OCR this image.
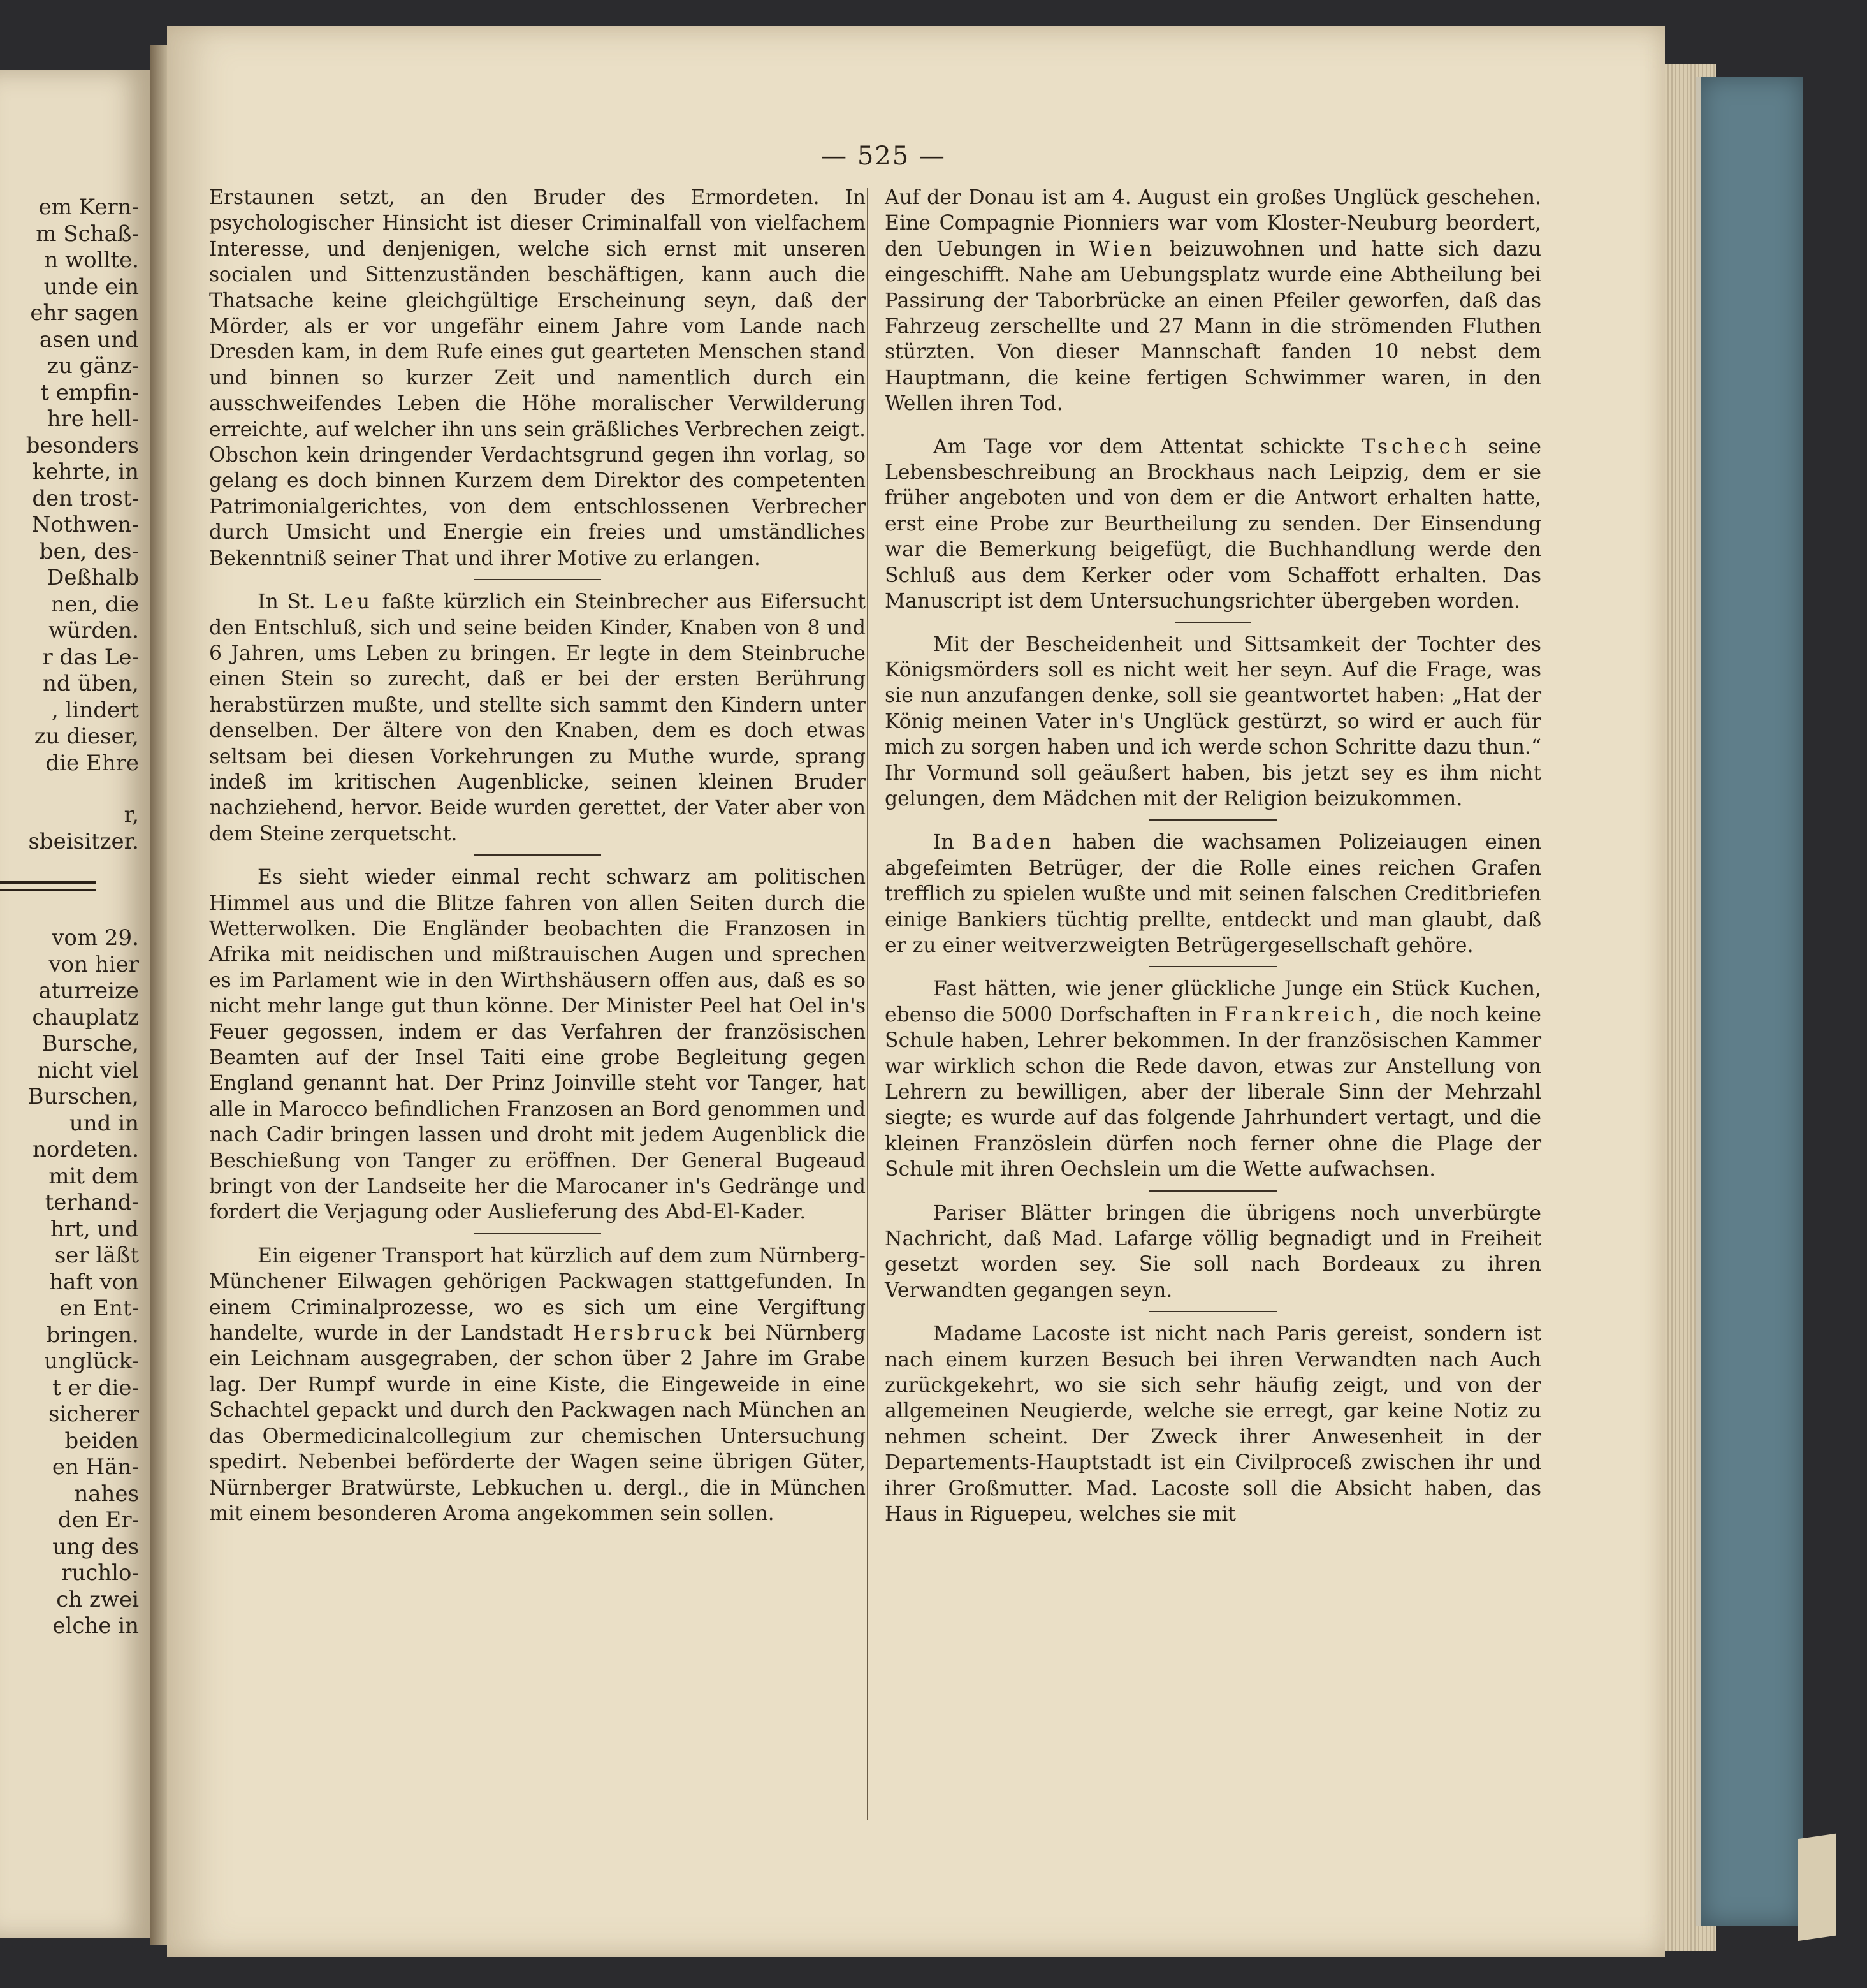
em Kern-
m Schaß-
n wollte.
unde ein
ehr sagen
asen und
zu gänz-
t empfin-
hre hell-
besonders
kehrte, in
den trost-
Nothwen-
ben, des-
Deßhalb
nen, die
würden.
r das Le-
nd üben,
, lindert
zu dieser,
die Ehre
r,
sbeisitzer.
vom 29.
von hier
aturreize
chauplatz
Bursche,
nicht viel
Burschen,
und in
nordeten.
mit dem
terhand-
hrt, und
ser läßt
haft von
en Ent-
bringen.
unglück-
t er die-
sicherer
beiden
en Hän-
nahes
den Er-
ung des
ruchlo-
ch zwei
elche in
— 525 —

Erstaunen setzt, an den Bruder des Ermordeten. In psychologischer Hinsicht ist dieser Criminalfall von vielfachem Interesse, und denjenigen, welche sich ernst mit unseren socialen und Sittenzuständen beschäftigen, kann auch die Thatsache keine gleichgültige Erscheinung seyn, daß der Mörder, als er vor ungefähr einem Jahre vom Lande nach Dresden kam, in dem Rufe eines gut gearteten Menschen stand und binnen so kurzer Zeit und namentlich durch ein ausschweifendes Leben die Höhe moralischer Verwilderung erreichte, auf welcher ihn uns sein gräßliches Verbrechen zeigt. Obschon kein dringender Verdachtsgrund gegen ihn vorlag, so gelang es doch binnen Kurzem dem Direktor des competenten Patrimonialgerichtes, von dem entschlossenen Verbrecher durch Umsicht und Energie ein freies und umständliches Bekenntniß seiner That und ihrer Motive zu erlangen.

In St. Leu faßte kürzlich ein Steinbrecher aus Eifersucht den Entschluß, sich und seine beiden Kinder, Knaben von 8 und 6 Jahren, ums Leben zu bringen. Er legte in dem Steinbruche einen Stein so zurecht, daß er bei der ersten Berührung herabstürzen mußte, und stellte sich sammt den Kindern unter denselben. Der ältere von den Knaben, dem es doch etwas seltsam bei diesen Vorkehrungen zu Muthe wurde, sprang indeß im kritischen Augenblicke, seinen kleinen Bruder nachziehend, hervor. Beide wurden gerettet, der Vater aber von dem Steine zerquetscht.

Es sieht wieder einmal recht schwarz am politischen Himmel aus und die Blitze fahren von allen Seiten durch die Wetterwolken. Die Engländer beobachten die Franzosen in Afrika mit neidischen und mißtrauischen Augen und sprechen es im Parlament wie in den Wirthshäusern offen aus, daß es so nicht mehr lange gut thun könne. Der Minister Peel hat Oel in's Feuer gegossen, indem er das Verfahren der französischen Beamten auf der Insel Taiti eine grobe Begleitung gegen England genannt hat. Der Prinz Joinville steht vor Tanger, hat alle in Marocco befindlichen Franzosen an Bord genommen und nach Cadir bringen lassen und droht mit jedem Augenblick die Beschießung von Tanger zu eröffnen. Der General Bugeaud bringt von der Landseite her die Marocaner in's Gedränge und fordert die Verjagung oder Auslieferung des Abd-El-Kader.

Ein eigener Transport hat kürzlich auf dem zum Nürnberg-Münchener Eilwagen gehörigen Packwagen stattgefunden. In einem Criminalprozesse, wo es sich um eine Vergiftung handelte, wurde in der Landstadt Hersbruck bei Nürnberg ein Leichnam ausgegraben, der schon über 2 Jahre im Grabe lag. Der Rumpf wurde in eine Kiste, die Eingeweide in eine Schachtel gepackt und durch den Packwagen nach München an das Obermedicinalcollegium zur chemischen Untersuchung spedirt. Nebenbei beförderte der Wagen seine übrigen Güter, Nürnberger Bratwürste, Lebkuchen u. dergl., die in München mit einem besonderen Aroma angekommen sein sollen.

Auf der Donau ist am 4. August ein großes Unglück geschehen. Eine Compagnie Pionniers war vom Kloster-Neuburg beordert, den Uebungen in Wien beizuwohnen und hatte sich dazu eingeschifft. Nahe am Uebungsplatz wurde eine Abtheilung bei Passirung der Taborbrücke an einen Pfeiler geworfen, daß das Fahrzeug zerschellte und 27 Mann in die strömenden Fluthen stürzten. Von dieser Mannschaft fanden 10 nebst dem Hauptmann, die keine fertigen Schwimmer waren, in den Wellen ihren Tod.

Am Tage vor dem Attentat schickte Tschech seine Lebensbeschreibung an Brockhaus nach Leipzig, dem er sie früher angeboten und von dem er die Antwort erhalten hatte, erst eine Probe zur Beurtheilung zu senden. Der Einsendung war die Bemerkung beigefügt, die Buchhandlung werde den Schluß aus dem Kerker oder vom Schaffott erhalten. Das Manuscript ist dem Untersuchungsrichter übergeben worden.

Mit der Bescheidenheit und Sittsamkeit der Tochter des Königsmörders soll es nicht weit her seyn. Auf die Frage, was sie nun anzufangen denke, soll sie geantwortet haben: „Hat der König meinen Vater in's Unglück gestürzt, so wird er auch für mich zu sorgen haben und ich werde schon Schritte dazu thun.“ Ihr Vormund soll geäußert haben, bis jetzt sey es ihm nicht gelungen, dem Mädchen mit der Religion beizukommen.

In Baden haben die wachsamen Polizeiaugen einen abgefeimten Betrüger, der die Rolle eines reichen Grafen trefflich zu spielen wußte und mit seinen falschen Creditbriefen einige Bankiers tüchtig prellte, entdeckt und man glaubt, daß er zu einer weitverzweigten Betrügergesellschaft gehöre.

Fast hätten, wie jener glückliche Junge ein Stück Kuchen, ebenso die 5000 Dorfschaften in Frankreich, die noch keine Schule haben, Lehrer bekommen. In der französischen Kammer war wirklich schon die Rede davon, etwas zur Anstellung von Lehrern zu bewilligen, aber der liberale Sinn der Mehrzahl siegte; es wurde auf das folgende Jahrhundert vertagt, und die kleinen Französlein dürfen noch ferner ohne die Plage der Schule mit ihren Oechslein um die Wette aufwachsen.

Pariser Blätter bringen die übrigens noch unverbürgte Nachricht, daß Mad. Lafarge völlig begnadigt und in Freiheit gesetzt worden sey. Sie soll nach Bordeaux zu ihren Verwandten gegangen seyn.

Madame Lacoste ist nicht nach Paris gereist, sondern ist nach einem kurzen Besuch bei ihren Verwandten nach Auch zurückgekehrt, wo sie sich sehr häufig zeigt, und von der allgemeinen Neugierde, welche sie erregt, gar keine Notiz zu nehmen scheint. Der Zweck ihrer Anwesenheit in der Departements-Hauptstadt ist ein Civilproceß zwischen ihr und ihrer Großmutter. Mad. Lacoste soll die Absicht haben, das Haus in Riguepeu, welches sie mit
